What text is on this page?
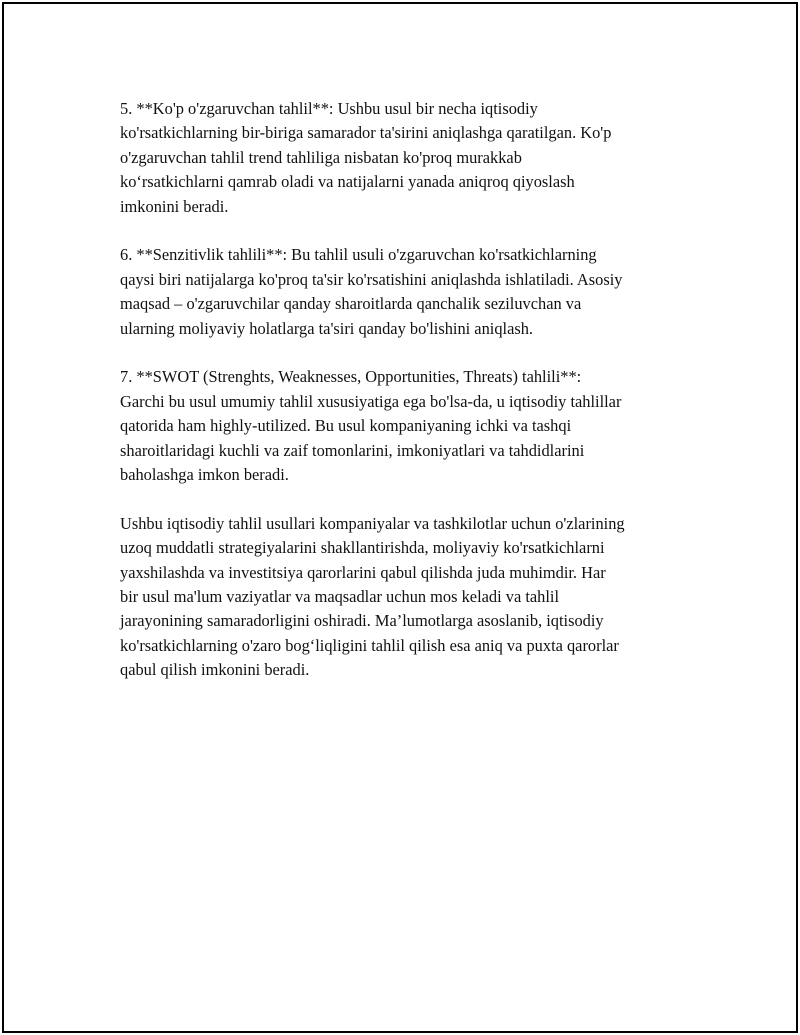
5. **Ko'p o'zgaruvchan tahlil**: Ushbu usul bir necha iqtisodiy
ko'rsatkichlarning bir-biriga samarador ta'sirini aniqlashga qaratilgan. Ko'p
o'zgaruvchan tahlil trend tahliliga nisbatan ko'proq murakkab
ko‘rsatkichlarni qamrab oladi va natijalarni yanada aniqroq qiyoslash
imkonini beradi.

6. **Senzitivlik tahlili**: Bu tahlil usuli o'zgaruvchan ko'rsatkichlarning
qaysi biri natijalarga ko'proq ta'sir ko'rsatishini aniqlashda ishlatiladi. Asosiy
maqsad – o'zgaruvchilar qanday sharoitlarda qanchalik seziluvchan va
ularning moliyaviy holatlarga ta'siri qanday bo'lishini aniqlash.

7. **SWOT (Strenghts, Weaknesses, Opportunities, Threats) tahlili**:
Garchi bu usul umumiy tahlil xususiyatiga ega bo'lsa-da, u iqtisodiy tahlillar
qatorida ham highly-utilized. Bu usul kompaniyaning ichki va tashqi
sharoitlaridagi kuchli va zaif tomonlarini, imkoniyatlari va tahdidlarini
baholashga imkon beradi.

Ushbu iqtisodiy tahlil usullari kompaniyalar va tashkilotlar uchun o'zlarining
uzoq muddatli strategiyalarini shakllantirishda, moliyaviy ko'rsatkichlarni
yaxshilashda va investitsiya qarorlarini qabul qilishda juda muhimdir. Har
bir usul ma'lum vaziyatlar va maqsadlar uchun mos keladi va tahlil
jarayonining samaradorligini oshiradi. Ma’lumotlarga asoslanib, iqtisodiy
ko'rsatkichlarning o'zaro bog‘liqligini tahlil qilish esa aniq va puxta qarorlar
qabul qilish imkonini beradi.
